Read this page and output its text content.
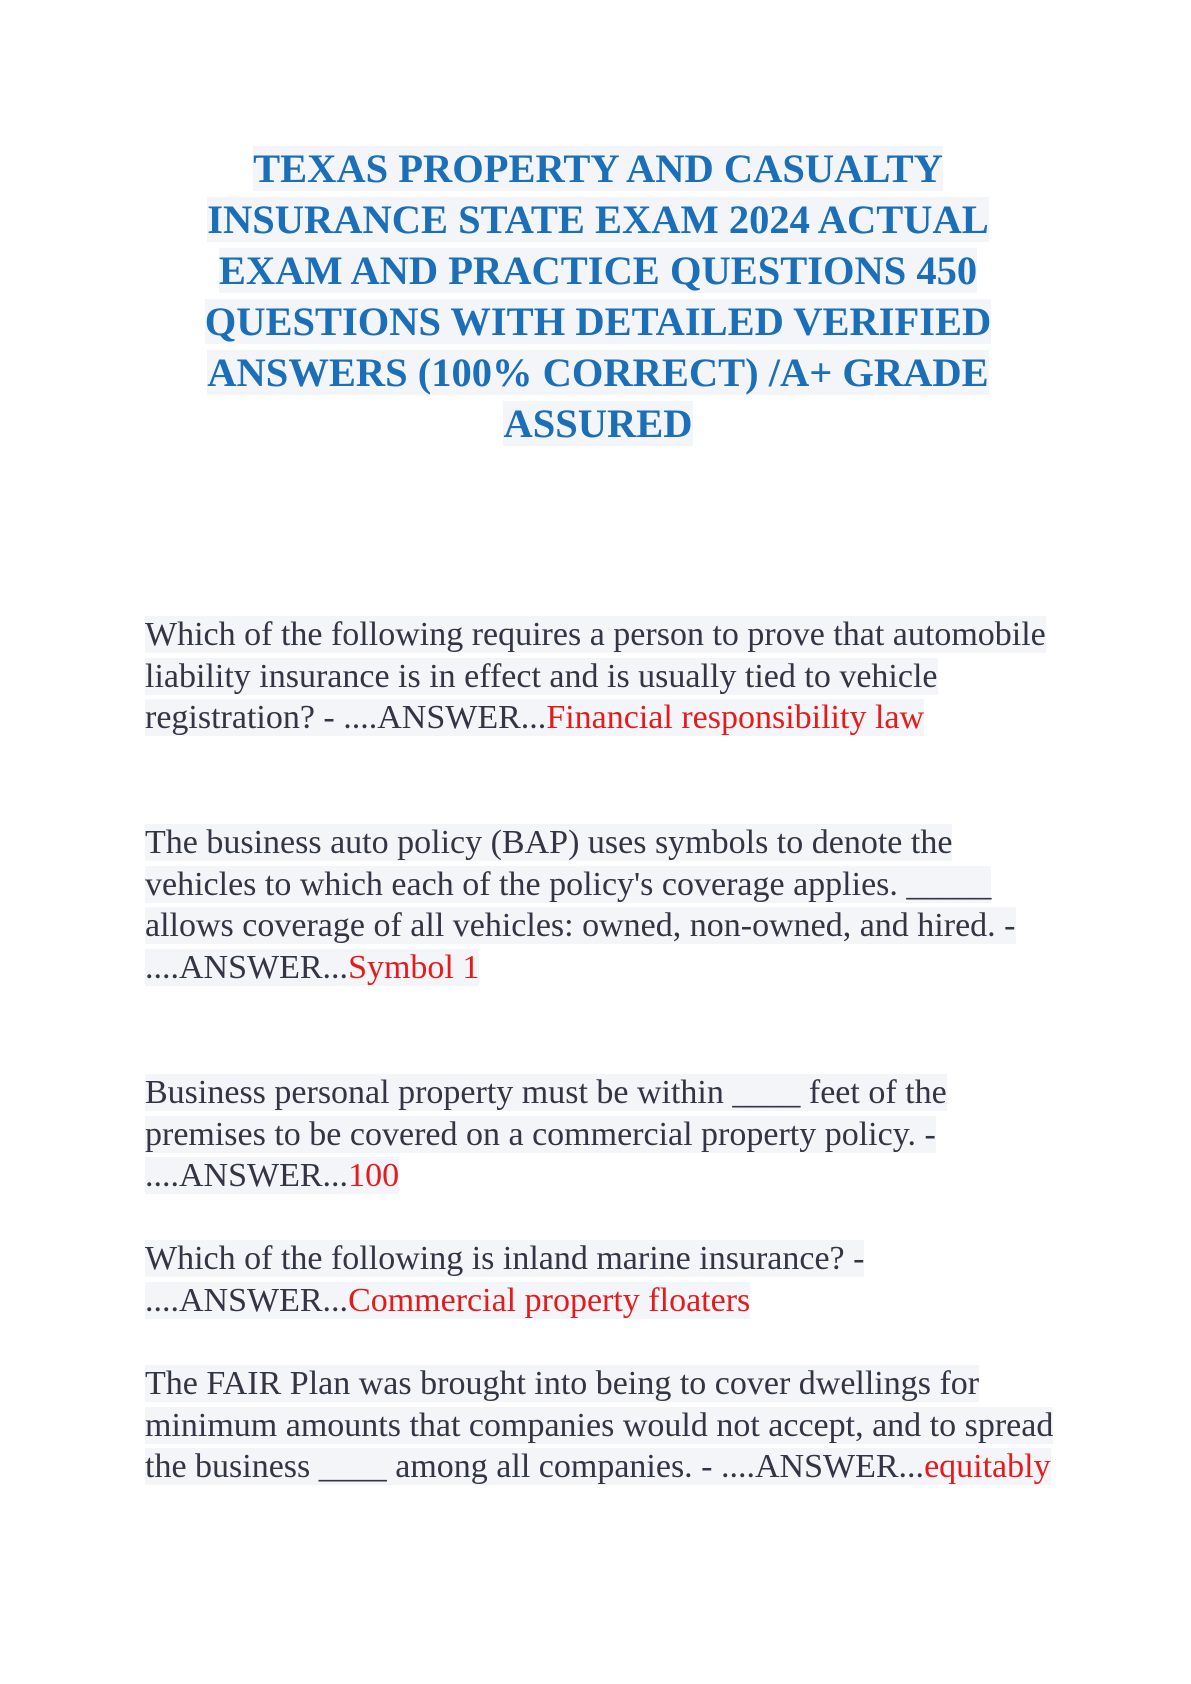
TEXAS PROPERTY AND CASUALTY INSURANCE STATE EXAM 2024 ACTUAL EXAM AND PRACTICE QUESTIONS 450 QUESTIONS WITH DETAILED VERIFIED ANSWERS (100% CORRECT) /A+ GRADE ASSURED

Which of the following requires a person to prove that automobile liability insurance is in effect and is usually tied to vehicle registration? - ....ANSWER...Financial responsibility law

The business auto policy (BAP) uses symbols to denote the vehicles to which each of the policy's coverage applies. _____ allows coverage of all vehicles: owned, non-owned, and hired. - ....ANSWER...Symbol 1

Business personal property must be within ____ feet of the premises to be covered on a commercial property policy. - ....ANSWER...100

Which of the following is inland marine insurance? - ....ANSWER...Commercial property floaters

The FAIR Plan was brought into being to cover dwellings for minimum amounts that companies would not accept, and to spread the business ____ among all companies. - ....ANSWER...equitably
